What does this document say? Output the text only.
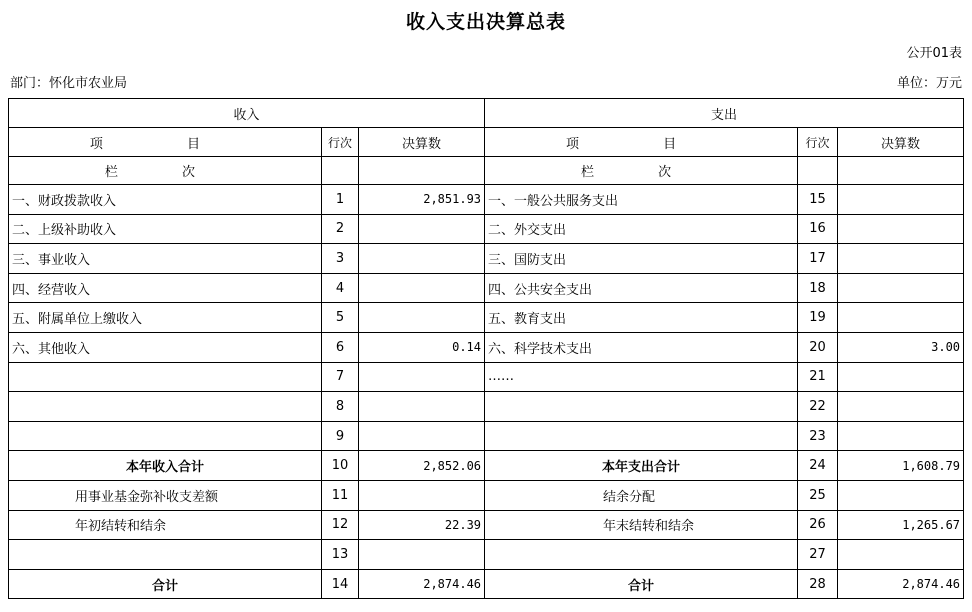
收入支出决算总表
公开01表
部门：怀化市农业局	单位：万元
收入			支出		
项 目	行次	决算数	项 目	行次	决算数
栏 次			栏 次		
一、财政拨款收入	1	2,851.93	一、一般公共服务支出	15	
二、上级补助收入	2		二、外交支出	16	
三、事业收入	3		三、国防支出	17	
四、经营收入	4		四、公共安全支出	18	
五、附属单位上缴收入	5		五、教育支出	19	
六、其他收入	6	0.14	六、科学技术支出	20	3.00
	7		……	21	
	8			22	
	9			23	
本年收入合计	10	2,852.06	本年支出合计	24	1,608.79
用事业基金弥补收支差额	11		结余分配	25	
年初结转和结余	12	22.39	年末结转和结余	26	1,265.67
	13			27	
合计	14	2,874.46	合计	28	2,874.46
